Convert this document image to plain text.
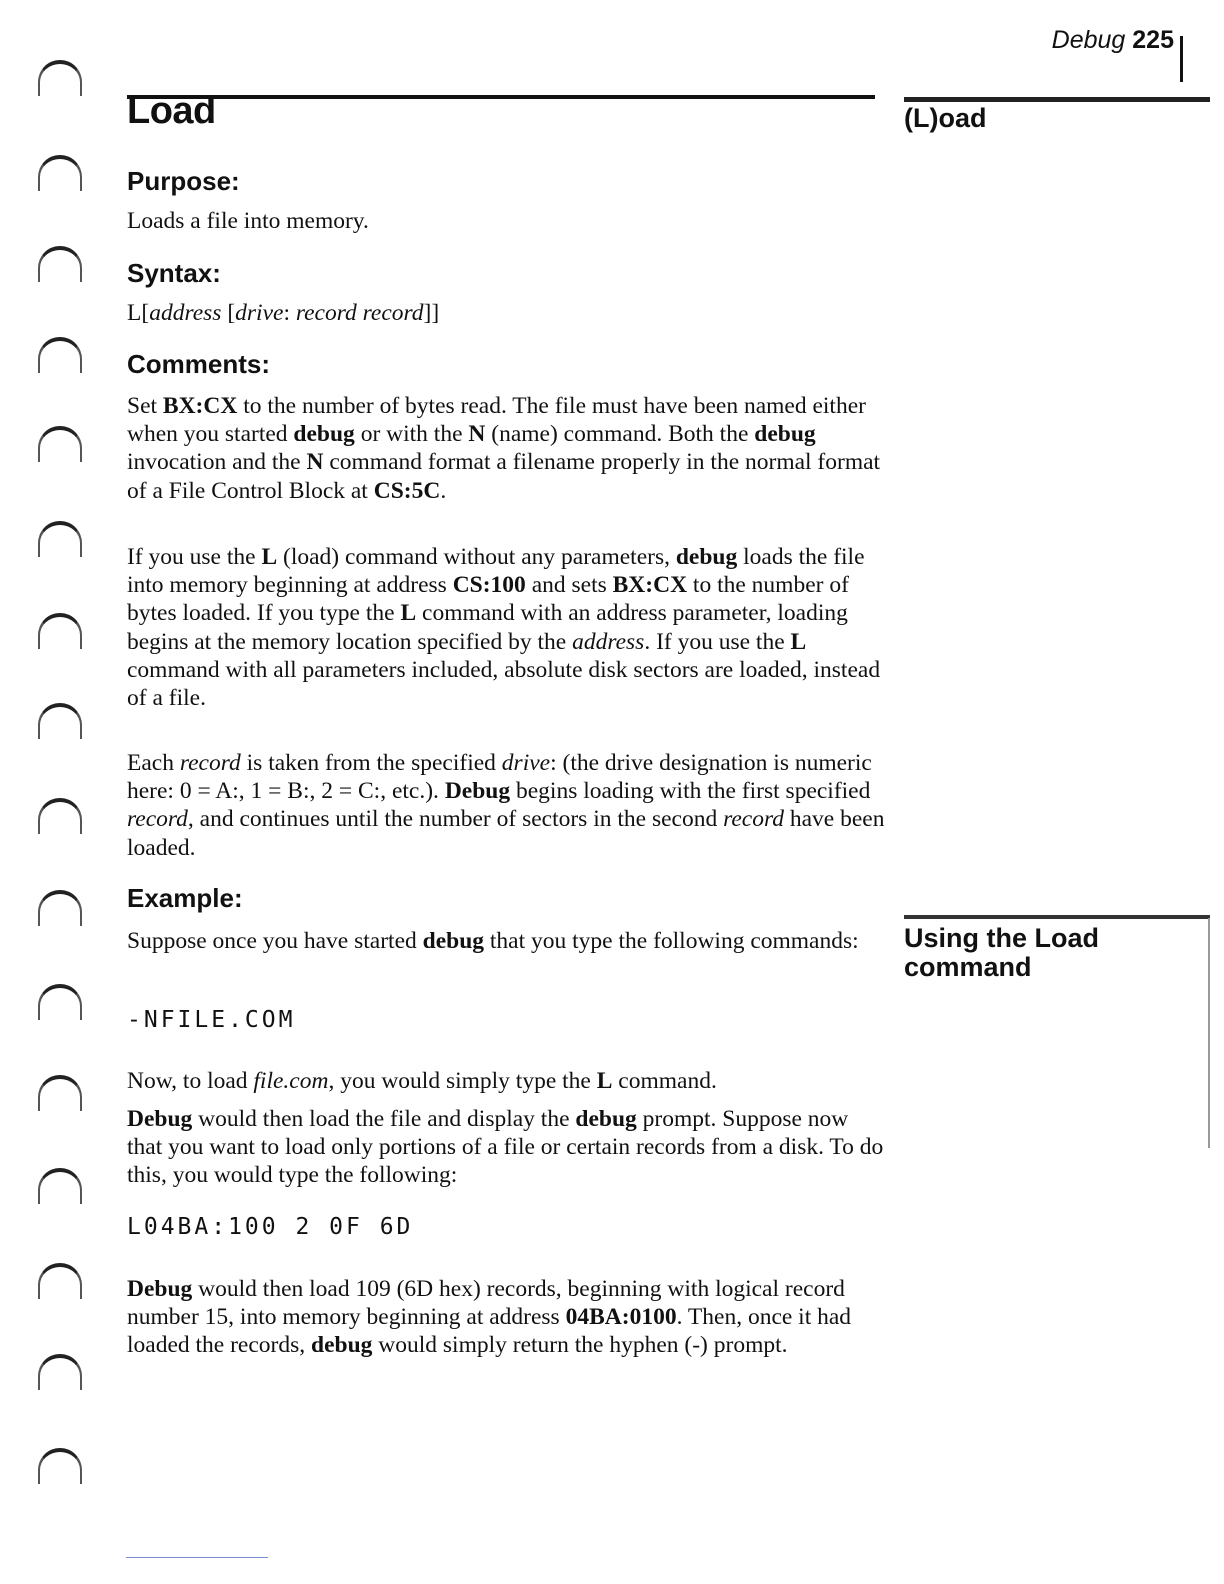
Debug 225
Load	(L)oad
Using the Load command
Purpose:
Loads a file into memory.
Syntax:
L[address [drive: record record]]
Comments:
Set BX:CX to the number of bytes read. The file must have been named either when you started debug or with the N (name) command. Both the debug invocation and the N command format a filename properly in the normal format of a File Control Block at CS:5C.
If you use the L (load) command without any parameters, debug loads the file into memory beginning at address CS:100 and sets BX:CX to the number of bytes loaded. If you type the L command with an address parameter, loading begins at the memory location specified by the address. If you use the L command with all parameters included, absolute disk sectors are loaded, instead of a file.
Each record is taken from the specified drive: (the drive designation is numeric here: 0 = A:, 1 = B:, 2 = C:, etc.). Debug begins loading with the first specified record, and continues until the number of sectors in the second record have been loaded.
Example:
Suppose once you have started debug that you type the following commands:
-NFILE.COM
Now, to load file.com, you would simply type the L command.
Debug would then load the file and display the debug prompt. Suppose now that you want to load only portions of a file or certain records from a disk. To do this, you would type the following:
L04BA:100 2 0F 6D
Debug would then load 109 (6D hex) records, beginning with logical record number 15, into memory beginning at address 04BA:0100. Then, once it had loaded the records, debug would simply return the hyphen (-) prompt.
